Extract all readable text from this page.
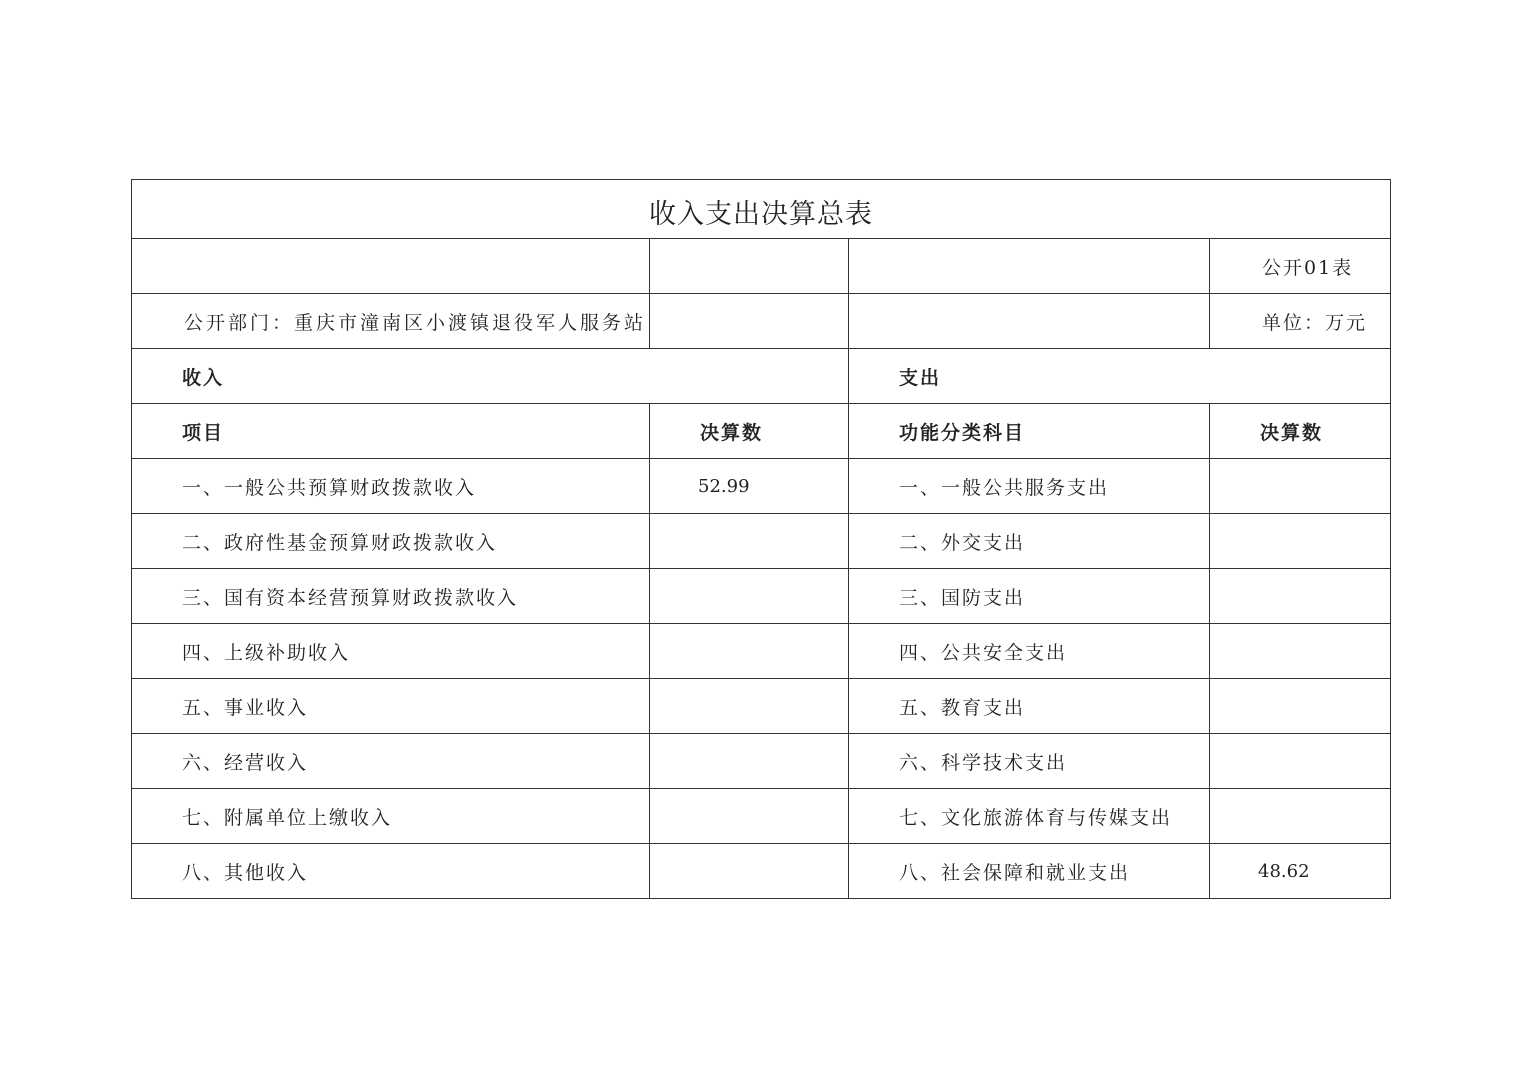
收入支出决算总表			
			公开01表
公开部门：重庆市潼南区小渡镇退役军人服务站			单位：万元
收入		支出	
项目	决算数	功能分类科目	决算数
一、一般公共预算财政拨款收入	52.99	一、一般公共服务支出	
二、政府性基金预算财政拨款收入		二、外交支出	
三、国有资本经营预算财政拨款收入		三、国防支出	
四、上级补助收入		四、公共安全支出	
五、事业收入		五、教育支出	
六、经营收入		六、科学技术支出	
七、附属单位上缴收入		七、文化旅游体育与传媒支出	
八、其他收入		八、社会保障和就业支出	48.62
